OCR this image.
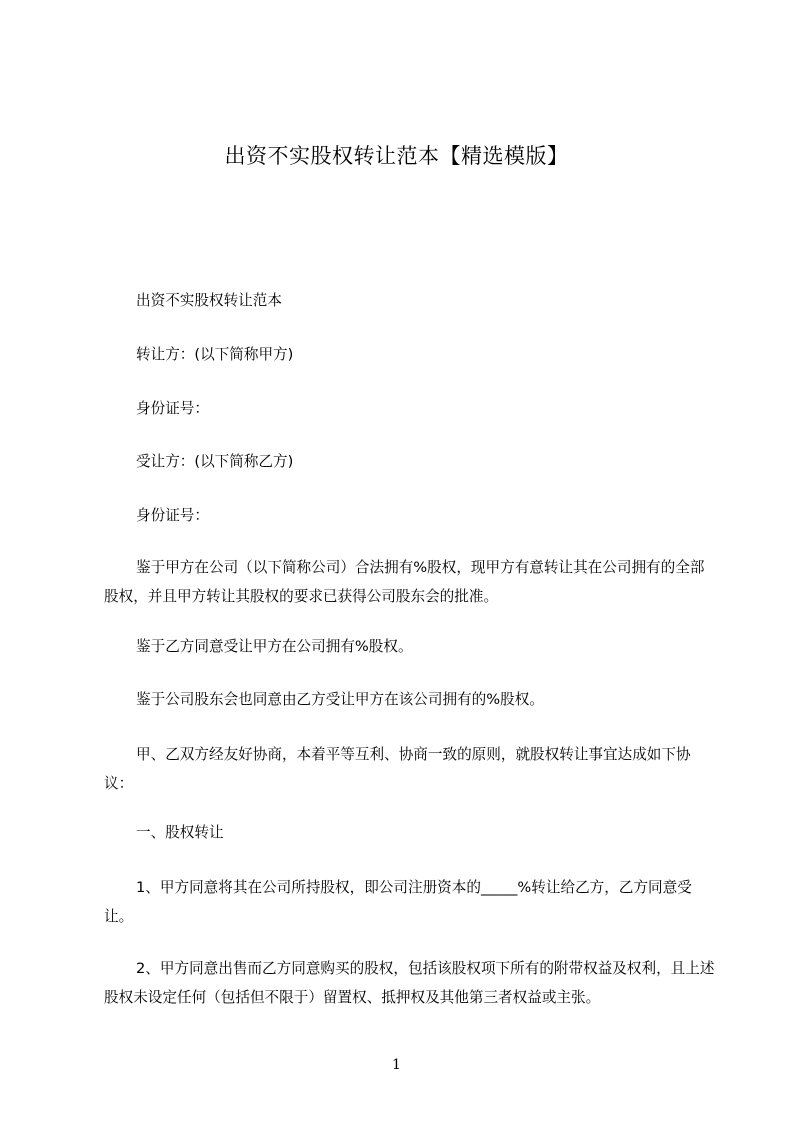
出资不实股权转让范本【精选模版】

出资不实股权转让范本

转让方：(以下简称甲方)

身份证号：

受让方：(以下简称乙方)

身份证号：

鉴于甲方在公司（以下简称公司）合法拥有%股权，现甲方有意转让其在公司拥有的全部股权，并且甲方转让其股权的要求已获得公司股东会的批准。

鉴于乙方同意受让甲方在公司拥有%股权。

鉴于公司股东会也同意由乙方受让甲方在该公司拥有的%股权。

甲、乙双方经友好协商，本着平等互利、协商一致的原则，就股权转让事宜达成如下协议：

一、股权转让

1、甲方同意将其在公司所持股权，即公司注册资本的_____%转让给乙方，乙方同意受让。

2、甲方同意出售而乙方同意购买的股权，包括该股权项下所有的附带权益及权利，且上述股权未设定任何（包括但不限于）留置权、抵押权及其他第三者权益或主张。

1
